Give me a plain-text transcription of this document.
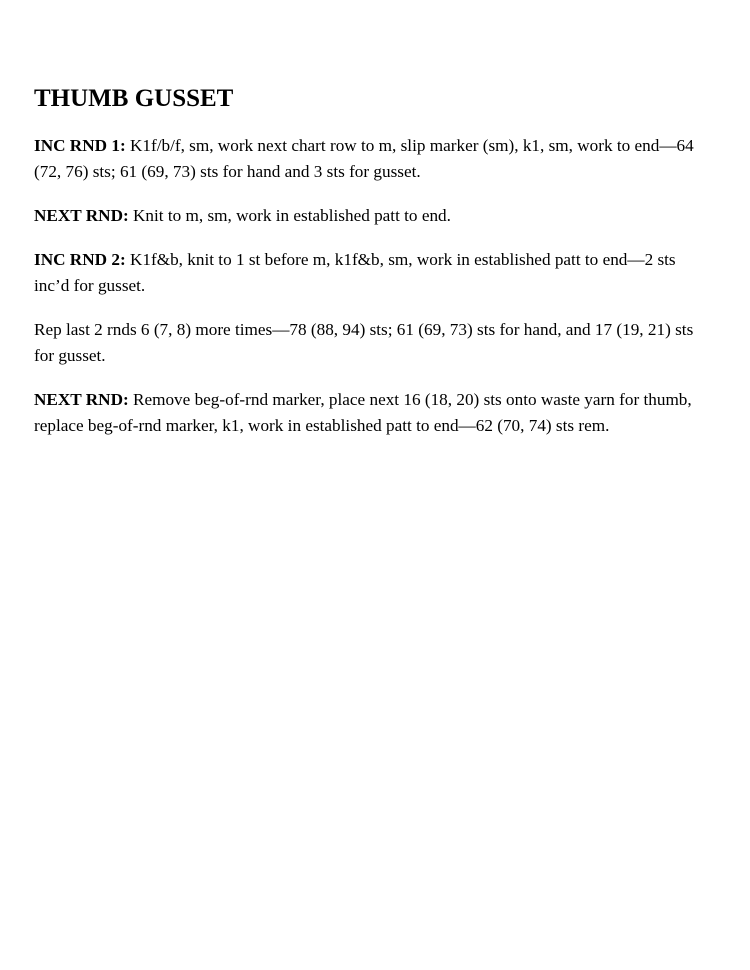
THUMB GUSSET

INC RND 1: K1f/b/f, sm, work next chart row to m, slip marker (sm), k1, sm, work to end—64 (72, 76) sts; 61 (69, 73) sts for hand and 3 sts for gusset.

NEXT RND: Knit to m, sm, work in established patt to end.

INC RND 2: K1f&b, knit to 1 st before m, k1f&b, sm, work in established patt to end—2 sts inc’d for gusset.

Rep last 2 rnds 6 (7, 8) more times—78 (88, 94) sts; 61 (69, 73) sts for hand, and 17 (19, 21) sts for gusset.

NEXT RND: Remove beg-of-rnd marker, place next 16 (18, 20) sts onto waste yarn for thumb, replace beg-of-rnd marker, k1, work in established patt to end—62 (70, 74) sts rem.
